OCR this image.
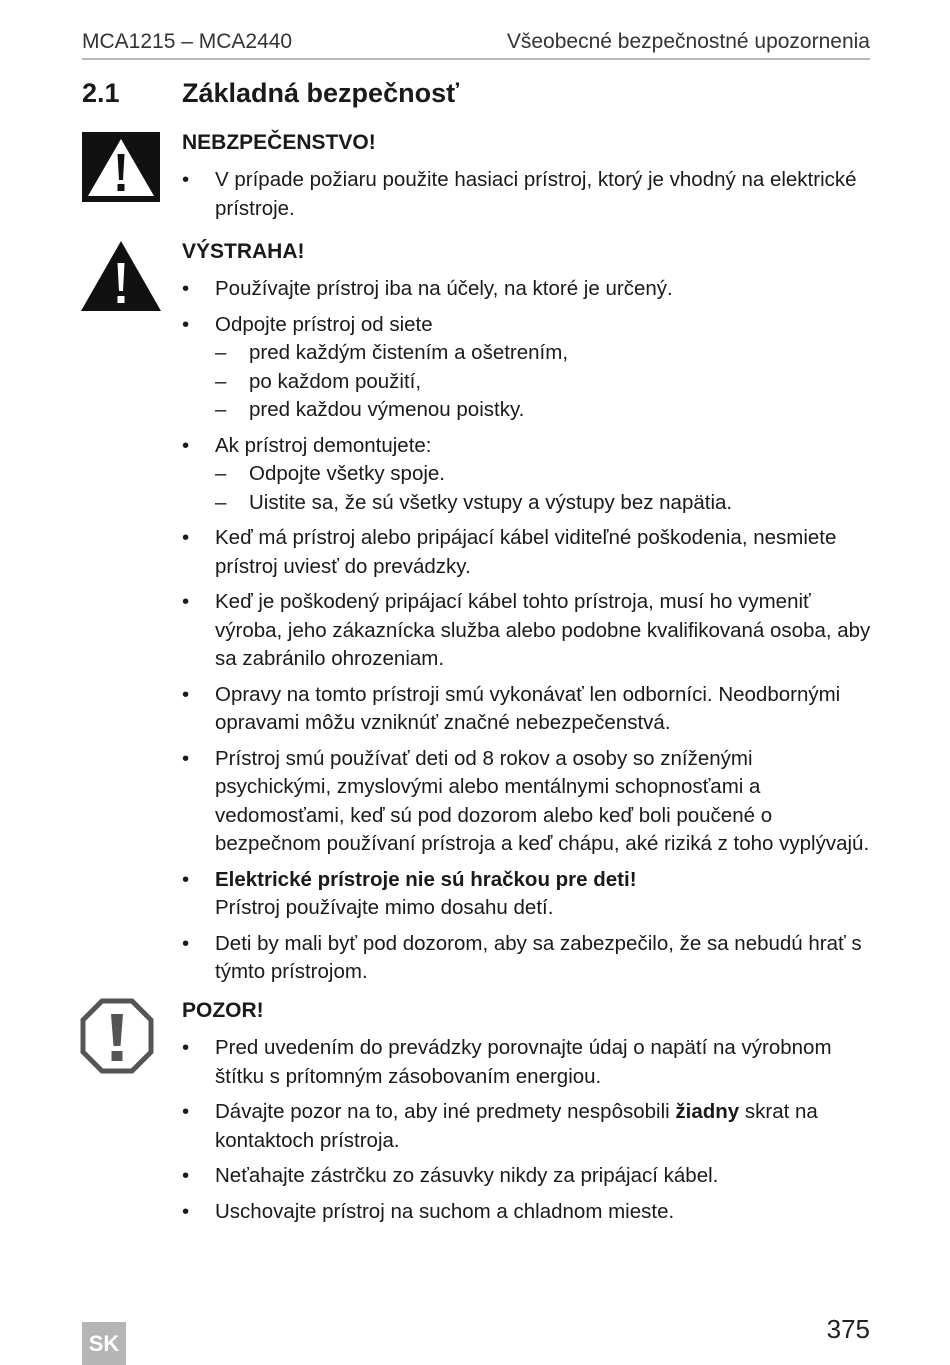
MCA1215 – MCA2440	Všeobecné bezpečnostné upozornenia
2.1 Základná bezpečnosť
NEBZPEČENSTVO!
• V prípade požiaru použite hasiaci prístroj, ktorý je vhodný na elektrické prístroje.
VÝSTRAHA!
• Používajte prístroj iba na účely, na ktoré je určený.
• Odpojte prístroj od siete
– pred každým čistením a ošetrením,
– po každom použití,
– pred každou výmenou poistky.
• Ak prístroj demontujete:
– Odpojte všetky spoje.
– Uistite sa, že sú všetky vstupy a výstupy bez napätia.
• Keď má prístroj alebo pripájací kábel viditeľné poškodenia, nesmiete prístroj uviesť do prevádzky.
• Keď je poškodený pripájací kábel tohto prístroja, musí ho vymeniť výroba, jeho zákaznícka služba alebo podobne kvalifikovaná osoba, aby sa zabránilo ohrozeniam.
• Opravy na tomto prístroji smú vykonávať len odborníci. Neodbornými opravami môžu vzniknúť značné nebezpečenstvá.
• Prístroj smú používať deti od 8 rokov a osoby so zníženými psychickými, zmyslovými alebo mentálnymi schopnosťami a vedomosťami, keď sú pod dozorom alebo keď boli poučené o bezpečnom používaní prístroja a keď chápu, aké riziká z toho vyplývajú.
• Elektrické prístroje nie sú hračkou pre deti!
Prístroj používajte mimo dosahu detí.
• Deti by mali byť pod dozorom, aby sa zabezpečilo, že sa nebudú hrať s týmto prístrojom.
POZOR!
• Pred uvedením do prevádzky porovnajte údaj o napätí na výrobnom štítku s prítomným zásobovaním energiou.
• Dávajte pozor na to, aby iné predmety nespôsobili žiadny skrat na kontaktoch prístroja.
• Neťahajte zástrčku zo zásuvky nikdy za pripájací kábel.
• Uschovajte prístroj na suchom a chladnom mieste.
SK	375
